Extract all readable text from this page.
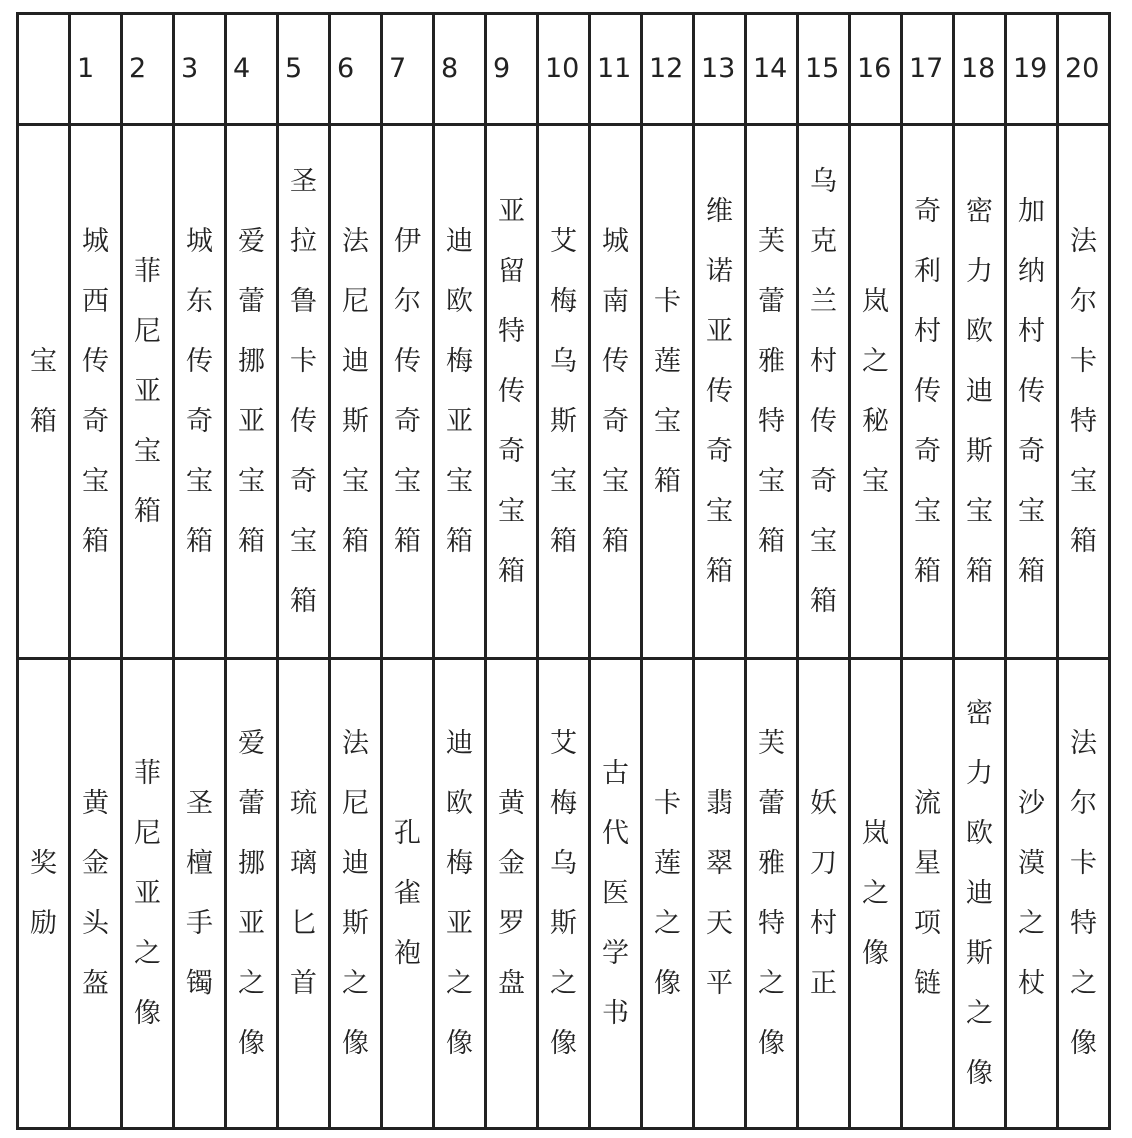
	1	2	3	4	5	6	7	8	9	10	11	12	13	14	15	16	17	18	19	20

宝箱	城西传奇宝箱	菲尼亚宝箱	城东传奇宝箱	爱蕾挪亚宝箱	圣拉鲁卡传奇宝箱	法尼迪斯宝箱	伊尔传奇宝箱	迪欧梅亚宝箱	亚留特传奇宝箱	艾梅乌斯宝箱	城南传奇宝箱	卡莲宝箱	维诺亚传奇宝箱	芙蕾雅特宝箱	乌克兰村传奇宝箱	岚之秘宝	奇利村传奇宝箱	密力欧迪斯宝箱	加纳村传奇宝箱	法尔卡特宝箱

奖励	黄金头盔	菲尼亚之像	圣檀手镯	爱蕾挪亚之像	琉璃匕首	法尼迪斯之像	孔雀袍	迪欧梅亚之像	黄金罗盘	艾梅乌斯之像	古代医学书	卡莲之像	翡翠天平	芙蕾雅特之像	妖刀村正	岚之像	流星项链	密力欧迪斯之像	沙漠之杖	法尔卡特之像
